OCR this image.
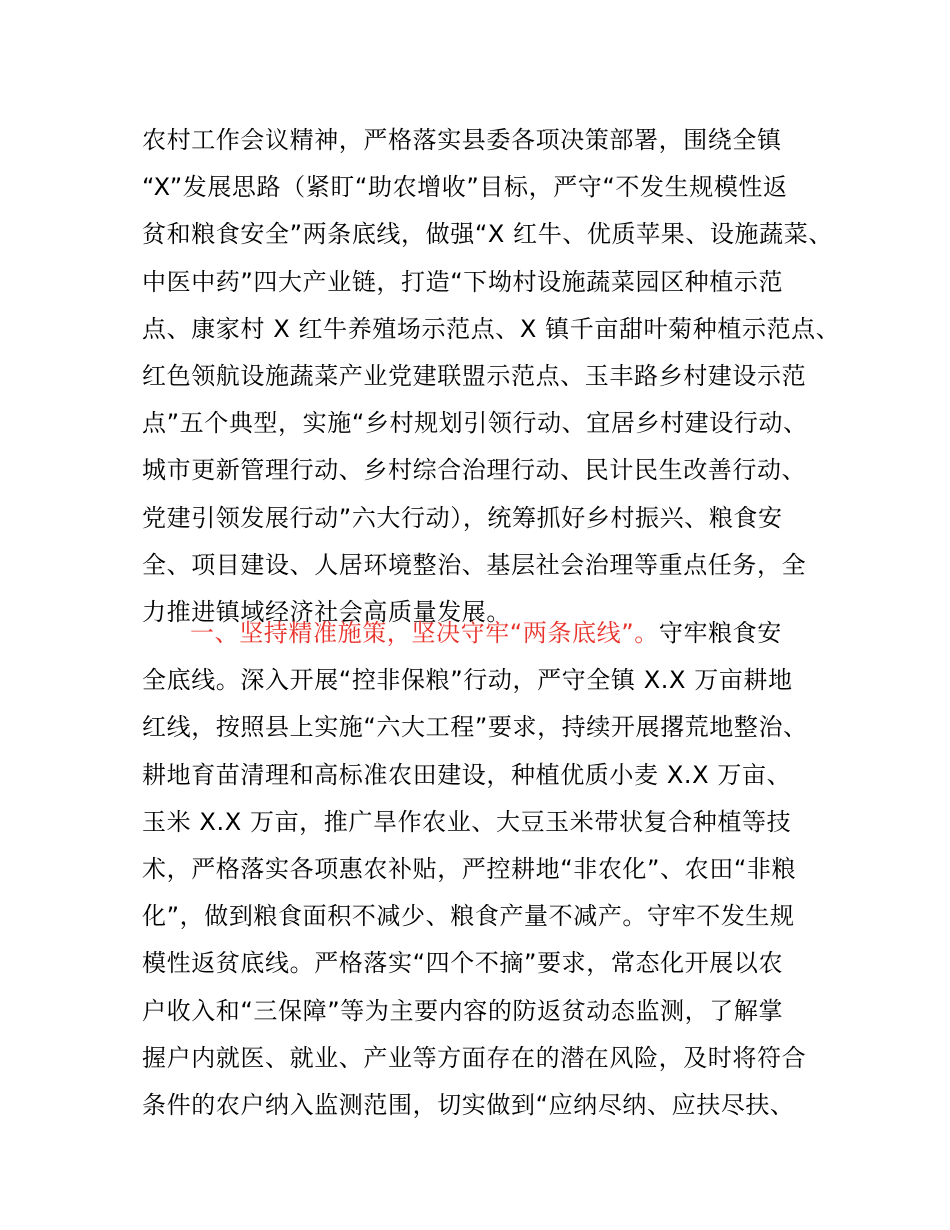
农村工作会议精神，严格落实县委各项决策部署，围绕全镇
“X”发展思路（紧盯“助农增收”目标，严守“不发生规模性返
贫和粮食安全”两条底线，做强“X 红牛、优质苹果、设施蔬菜、
中医中药”四大产业链，打造“下坳村设施蔬菜园区种植示范
点、康家村 X 红牛养殖场示范点、X 镇千亩甜叶菊种植示范点、
红色领航设施蔬菜产业党建联盟示范点、玉丰路乡村建设示范
点”五个典型，实施“乡村规划引领行动、宜居乡村建设行动、
城市更新管理行动、乡村综合治理行动、民计民生改善行动、
党建引领发展行动”六大行动），统筹抓好乡村振兴、粮食安
全、项目建设、人居环境整治、基层社会治理等重点任务，全
力推进镇域经济社会高质量发展。
一、坚持精准施策，坚决守牢“两条底线”。守牢粮食安
全底线。深入开展“控非保粮”行动，严守全镇 X.X 万亩耕地
红线，按照县上实施“六大工程”要求，持续开展撂荒地整治、
耕地育苗清理和高标准农田建设，种植优质小麦 X.X 万亩、
玉米 X.X 万亩，推广旱作农业、大豆玉米带状复合种植等技
术，严格落实各项惠农补贴，严控耕地“非农化”、农田“非粮
化”，做到粮食面积不减少、粮食产量不减产。守牢不发生规
模性返贫底线。严格落实“四个不摘”要求，常态化开展以农
户收入和“三保障”等为主要内容的防返贫动态监测，了解掌
握户内就医、就业、产业等方面存在的潜在风险，及时将符合
条件的农户纳入监测范围，切实做到“应纳尽纳、应扶尽扶、
